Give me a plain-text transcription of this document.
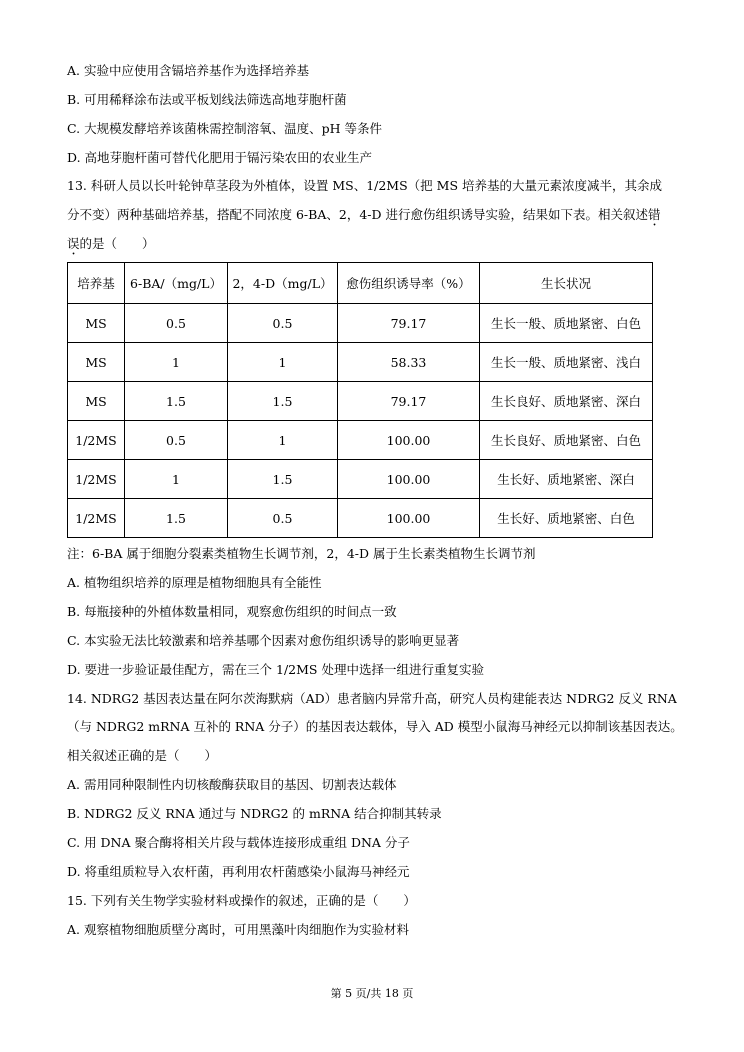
A. 实验中应使用含镉培养基作为选择培养基
B. 可用稀释涂布法或平板划线法筛选高地芽胞杆菌
C. 大规模发酵培养该菌株需控制溶氧、温度、pH 等条件
D. 高地芽胞杆菌可替代化肥用于镉污染农田的农业生产
13. 科研人员以长叶轮钟草茎段为外植体，设置 MS、1/2MS（把 MS 培养基的大量元素浓度减半，其余成
分不变）两种基础培养基，搭配不同浓度 6-BA、2，4-D 进行愈伤组织诱导实验，结果如下表。相关叙述错
误的是（　　）
培养基	6-BA/（mg/L）	2，4-D（mg/L）	愈伤组织诱导率（%）	生长状况
MS	0.5	0.5	79.17	生长一般、质地紧密、白色
MS	1	1	58.33	生长一般、质地紧密、浅白
MS	1.5	1.5	79.17	生长良好、质地紧密、深白
1/2MS	0.5	1	100.00	生长良好、质地紧密、白色
1/2MS	1	1.5	100.00	生长好、质地紧密、深白
1/2MS	1.5	0.5	100.00	生长好、质地紧密、白色
注：6-BA 属于细胞分裂素类植物生长调节剂，2，4-D 属于生长素类植物生长调节剂
A. 植物组织培养的原理是植物细胞具有全能性
B. 每瓶接种的外植体数量相同，观察愈伤组织的时间点一致
C. 本实验无法比较激素和培养基哪个因素对愈伤组织诱导的影响更显著
D. 要进一步验证最佳配方，需在三个 1/2MS 处理中选择一组进行重复实验
14. NDRG2 基因表达量在阿尔茨海默病（AD）患者脑内异常升高，研究人员构建能表达 NDRG2 反义 RNA
（与 NDRG2 mRNA 互补的 RNA 分子）的基因表达载体，导入 AD 模型小鼠海马神经元以抑制该基因表达。
相关叙述正确的是（　　）
A. 需用同种限制性内切核酸酶获取目的基因、切割表达载体
B. NDRG2 反义 RNA 通过与 NDRG2 的 mRNA 结合抑制其转录
C. 用 DNA 聚合酶将相关片段与载体连接形成重组 DNA 分子
D. 将重组质粒导入农杆菌，再利用农杆菌感染小鼠海马神经元
15. 下列有关生物学实验材料或操作的叙述，正确的是（　　）
A. 观察植物细胞质壁分离时，可用黑藻叶肉细胞作为实验材料
第 5 页/共 18 页
